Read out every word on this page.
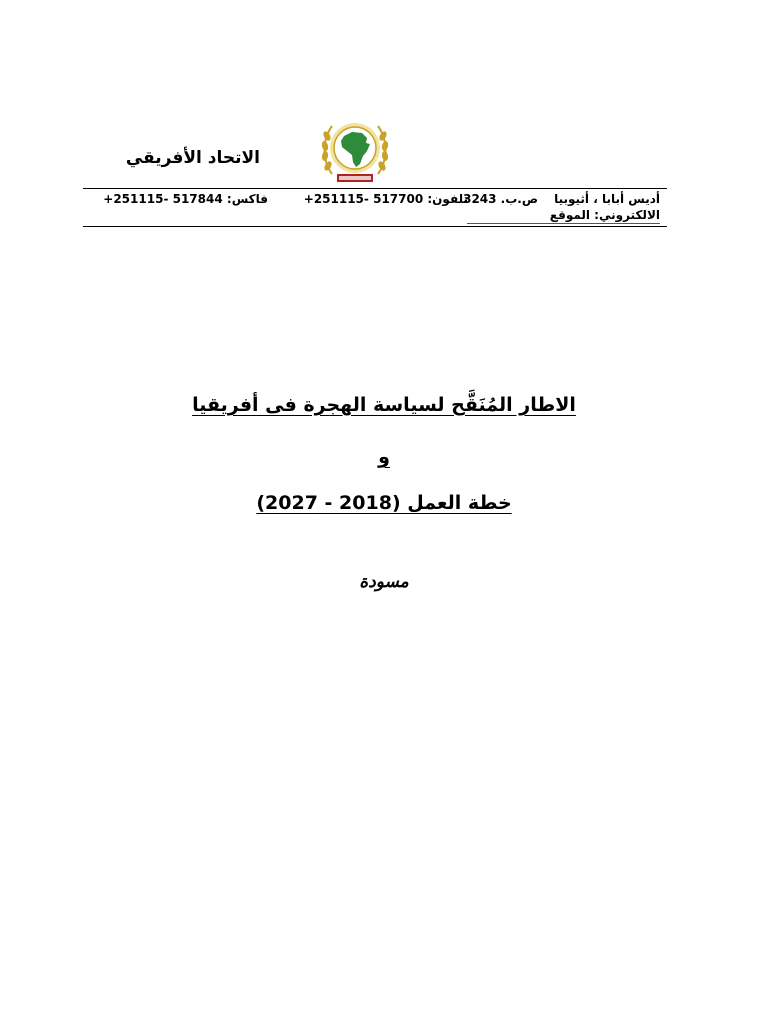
الاتحاد الأفريقي
أديس أبابا ، أثيوبيا
ص.ب. 3243
تلفون: 517700 -251115+
فاكس: 517844 -251115+
الالكتروني: الموقع
الاطار المُنَقَّح لسياسة الهجرة فى أفريقيا
و
خطة العمل (2018 - 2027)
مسودة
